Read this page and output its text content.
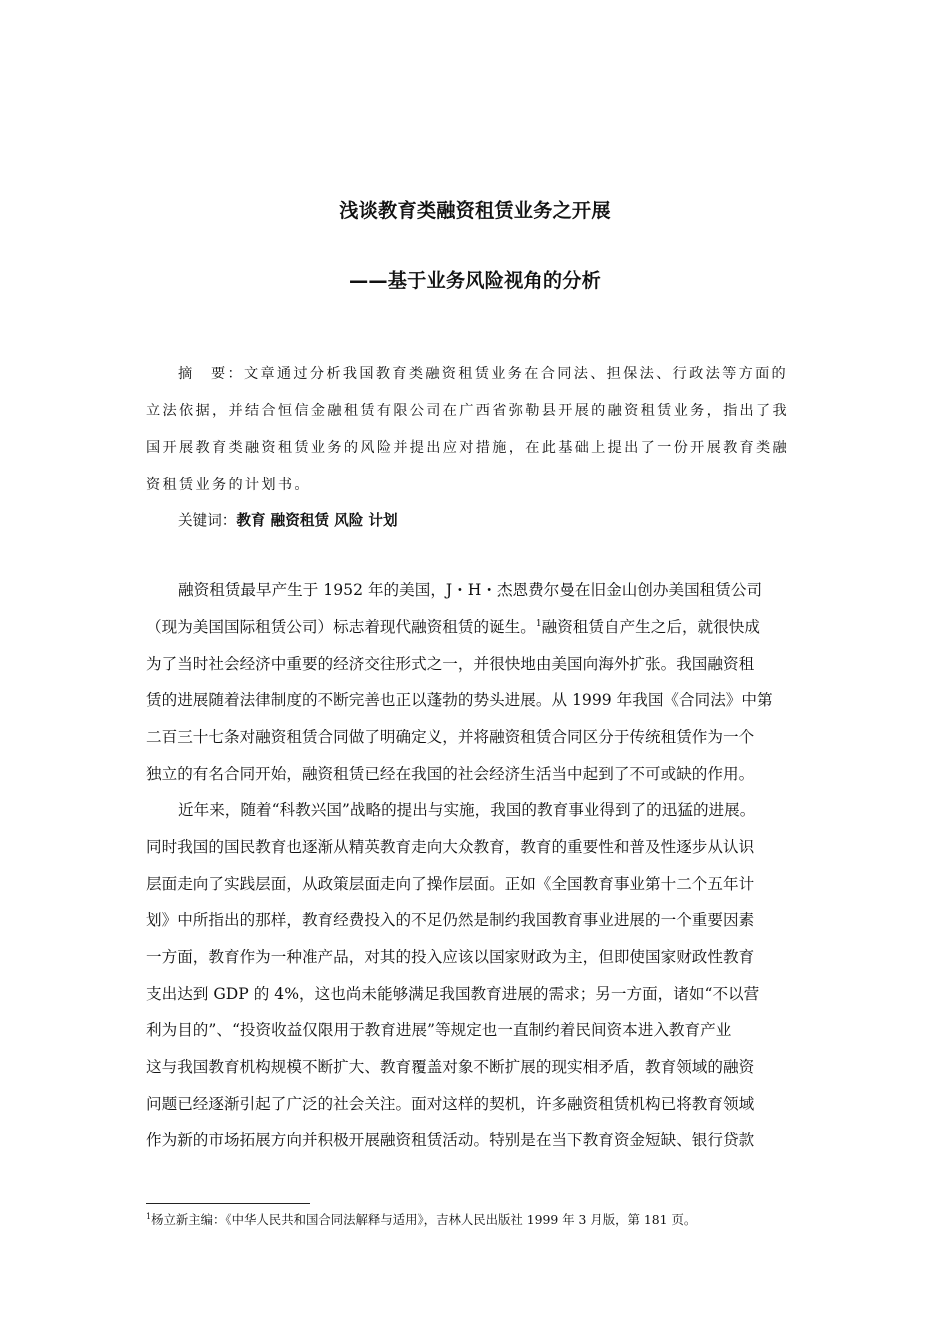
浅谈教育类融资租赁业务之开展
——基于业务风险视角的分析
摘　要：文章通过分析我国教育类融资租赁业务在合同法、担保法、行政法等方面的
立法依据，并结合恒信金融租赁有限公司在广西省弥勒县开展的融资租赁业务，指出了我
国开展教育类融资租赁业务的风险并提出应对措施，在此基础上提出了一份开展教育类融
资租赁业务的计划书。
关键词：教育 融资租赁 风险 计划
融资租赁最早产生于 1952 年的美国，J・H・杰恩费尔曼在旧金山创办美国租赁公司
（现为美国国际租赁公司）标志着现代融资租赁的诞生。$^1$融资租赁自产生之后，就很快成
为了当时社会经济中重要的经济交往形式之一，并很快地由美国向海外扩张。我国融资租
赁的进展随着法律制度的不断完善也正以蓬勃的势头进展。从 1999 年我国《合同法》中第
二百三十七条对融资租赁合同做了明确定义，并将融资租赁合同区分于传统租赁作为一个
独立的有名合同开始，融资租赁已经在我国的社会经济生活当中起到了不可或缺的作用。
近年来，随着“科教兴国”战略的提出与实施，我国的教育事业得到了的迅猛的进展。
同时我国的国民教育也逐渐从精英教育走向大众教育，教育的重要性和普及性逐步从认识
层面走向了实践层面，从政策层面走向了操作层面。正如《全国教育事业第十二个五年计
划》中所指出的那样，教育经费投入的不足仍然是制约我国教育事业进展的一个重要因素
一方面，教育作为一种准产品，对其的投入应该以国家财政为主，但即使国家财政性教育
支出达到 GDP 的 4%，这也尚未能够满足我国教育进展的需求；另一方面，诸如“不以营
利为目的”、“投资收益仅限用于教育进展”等规定也一直制约着民间资本进入教育产业
这与我国教育机构规模不断扩大、教育覆盖对象不断扩展的现实相矛盾，教育领域的融资
问题已经逐渐引起了广泛的社会关注。面对这样的契机，许多融资租赁机构已将教育领域
作为新的市场拓展方向并积极开展融资租赁活动。特别是在当下教育资金短缺、银行贷款
$^1$杨立新主编：《中华人民共和国合同法解释与适用》，吉林人民出版社 1999 年 3 月版，第 181 页。
